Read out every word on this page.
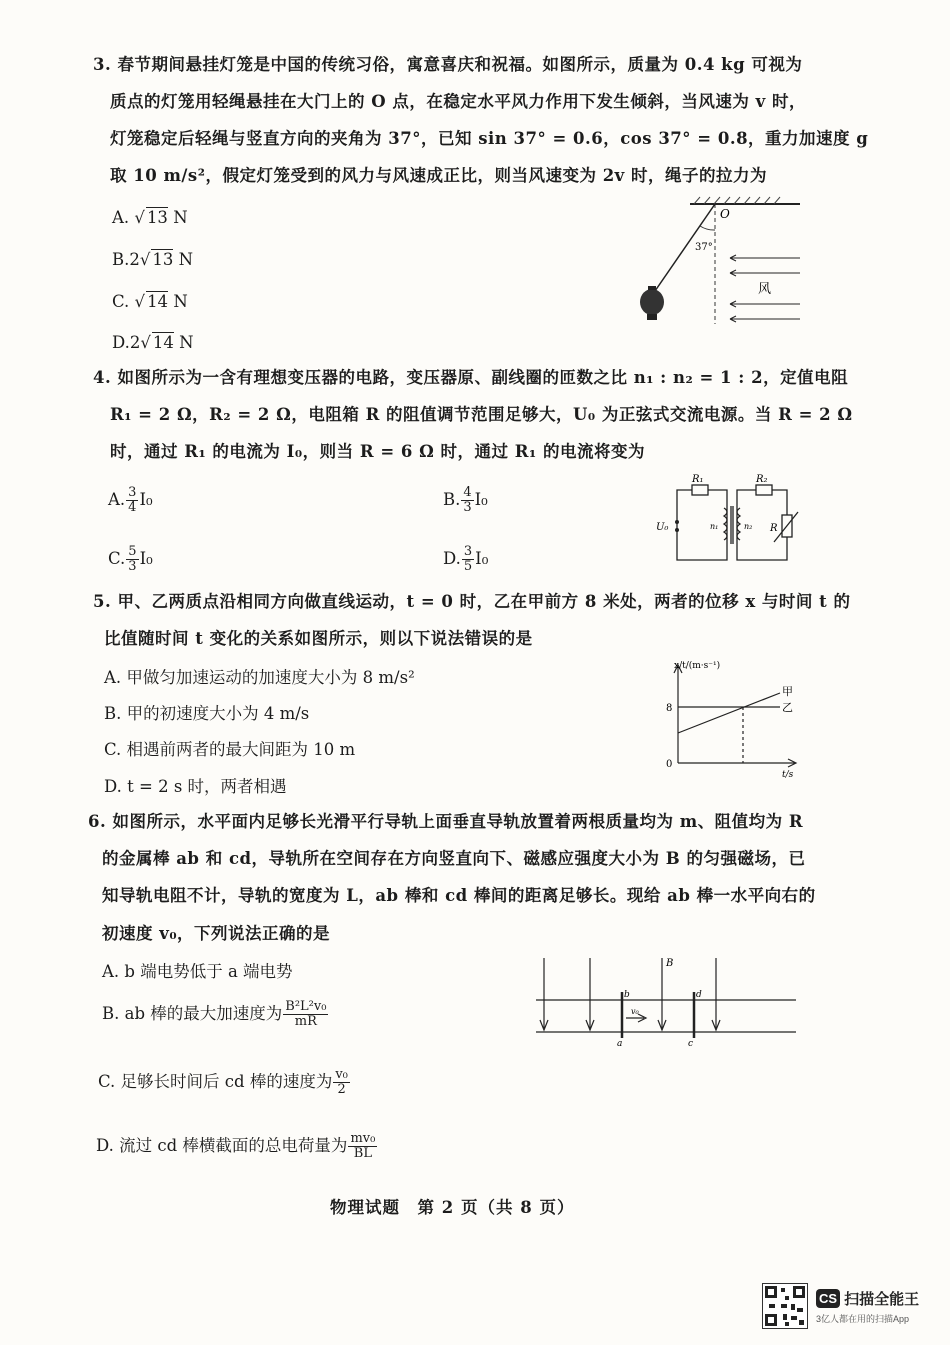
3. 春节期间悬挂灯笼是中国的传统习俗，寓意喜庆和祝福。如图所示，质量为 0.4 kg 可视为
质点的灯笼用轻绳悬挂在大门上的 O 点，在稳定水平风力作用下发生倾斜，当风速为 v 时，
灯笼稳定后轻绳与竖直方向的夹角为 37°，已知 sin 37° = 0.6，cos 37° = 0.8，重力加速度 g
取 10 m/s²，假定灯笼受到的风力与风速成正比，则当风速变为 2v 时，绳子的拉力为
A. √ 13 N
B.2√ 13 N
C. √ 14 N
D.2√ 14 N
O
37°
风
4. 如图所示为一含有理想变压器的电路，变压器原、副线圈的匝数之比 n₁ : n₂ = 1 : 2，定值电阻
R₁ = 2 Ω，R₂ = 2 Ω，电阻箱 R 的阻值调节范围足够大，U₀ 为正弦式交流电源。当 R = 2 Ω
时，通过 R₁ 的电流为 I₀，则当 R = 6 Ω 时，通过 R₁ 的电流将变为
A. $\frac{3}{4} I_0$	B. $\frac{4}{3} I_0$
C. $\frac{5}{3} I_0$	D. $\frac{3}{5} I_0$
R₁	R₂
U₀	n₁	n₂ R
5. 甲、乙两质点沿相同方向做直线运动，t = 0 时，乙在甲前方 8 米处，两者的位移 x 与时间 t 的
比值随时间 t 变化的关系如图所示，则以下说法错误的是
A. 甲做匀加速运动的加速度大小为 8 m/s²
B. 甲的初速度大小为 4 m/s
C. 相遇前两者的最大间距为 10 m
D. t = 2 s 时，两者相遇
x/t/(m·s⁻¹)
8
0
t/s
甲
乙
6. 如图所示，水平面内足够长光滑平行导轨上面垂直导轨放置着两根质量均为 m、阻值均为 R
的金属棒 ab 和 cd，导轨所在空间存在方向竖直向下、磁感应强度大小为 B 的匀强磁场，已
知导轨电阻不计，导轨的宽度为 L，ab 棒和 cd 棒间的距离足够长。现给 ab 棒一水平向右的
初速度 v₀，下列说法正确的是
A. b 端电势低于 a 端电势
B. ab 棒的最大加速度为 $\frac{\text{B²L²v₀}}{mR}$
C. 足够长时间后 cd 棒的速度为 $\frac{\text{v₀}}{2}$
D. 流过 cd 棒横截面的总电荷量为 $\frac{\text{mv₀}}{BL}$
B
a
b
c
d
v₀
物理试题　第 2 页（共 8 页）
CS 扫描全能王
3亿人都在用的扫描App
